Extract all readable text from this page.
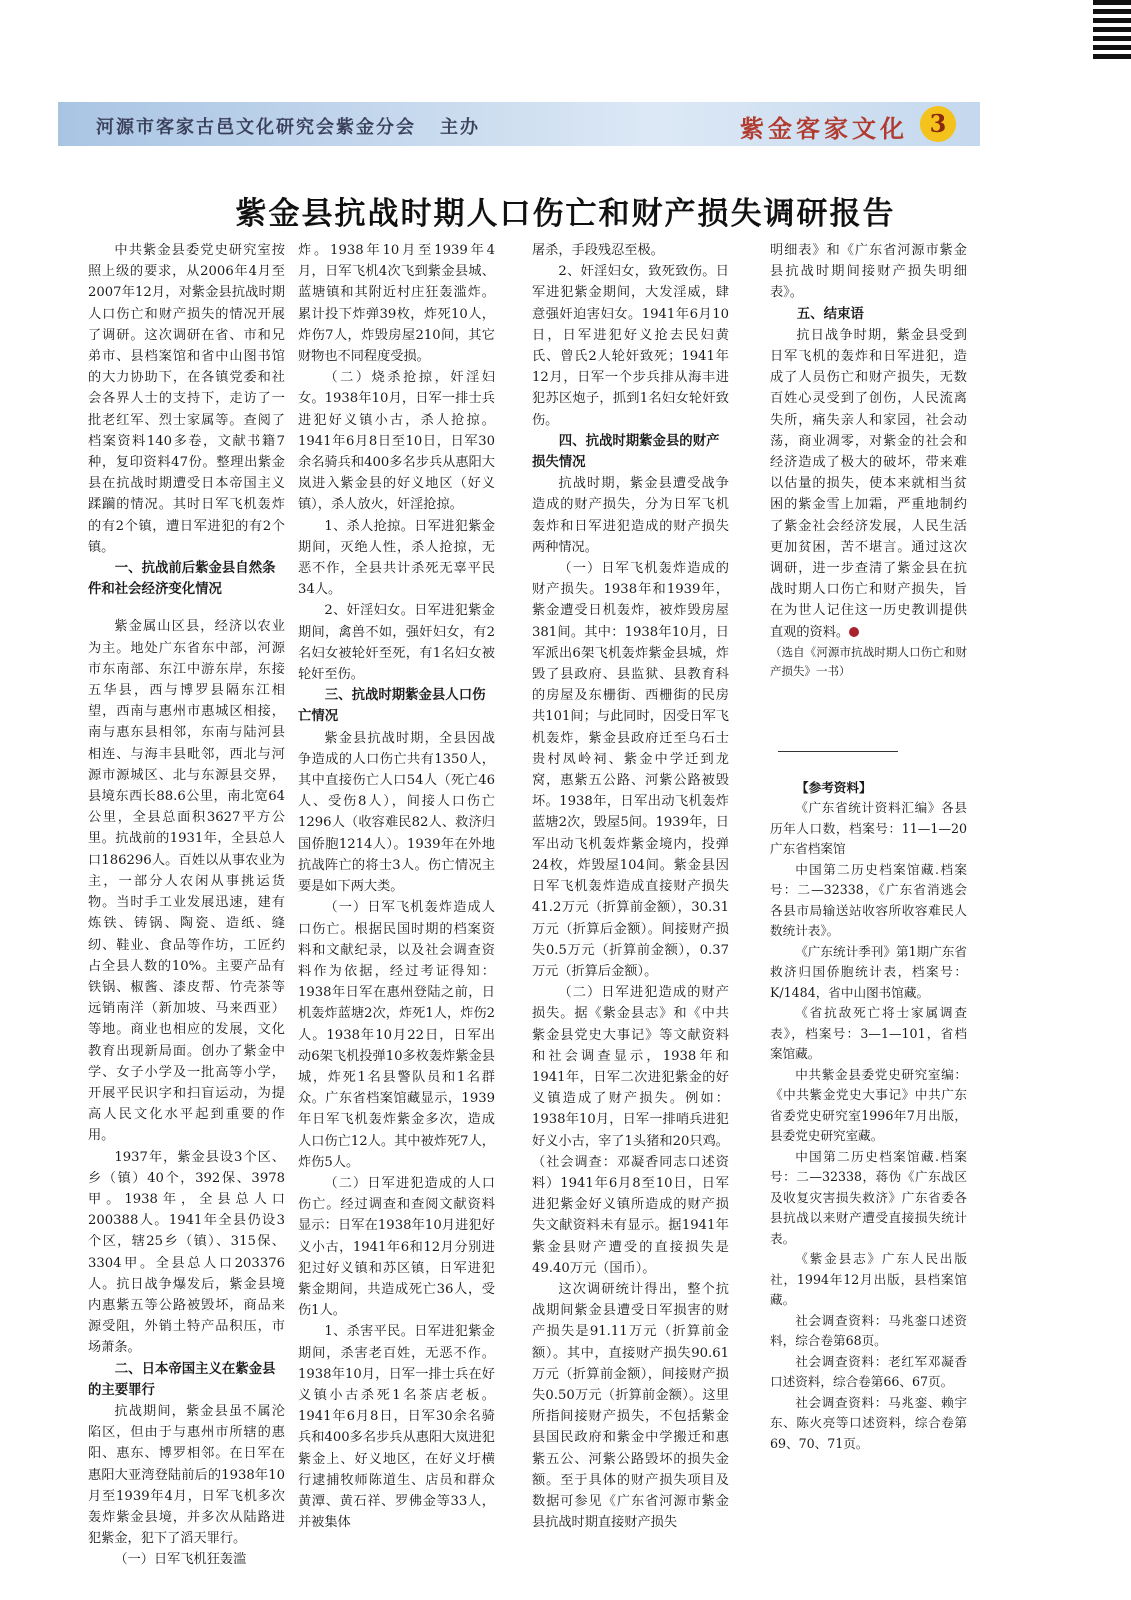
河源市客家古邑文化研究会紫金分会 主办	紫金客家文化 3
紫金县抗战时期人口伤亡和财产损失调研报告

中共紫金县委党史研究室按照上级的要求，从2006年4月至2007年12月，对紫金县抗战时期人口伤亡和财产损失的情况开展了调研。这次调研在省、市和兄弟市、县档案馆和省中山图书馆的大力协助下，在各镇党委和社会各界人士的支持下，走访了一批老红军、烈士家属等。查阅了档案资料140多卷，文献书籍7种，复印资料47份。整理出紫金县在抗战时期遭受日本帝国主义蹂躏的情况。其时日军飞机轰炸的有2个镇，遭日军进犯的有2个镇。

一、抗战前后紫金县自然条件和社会经济变化情况

紫金属山区县，经济以农业为主。地处广东省东中部，河源市东南部、东江中游东岸，东接五华县，西与博罗县隔东江相望，西南与惠州市惠城区相接，南与惠东县相邻，东南与陆河县相连、与海丰县毗邻，西北与河源市源城区、北与东源县交界，县境东西长88.6公里，南北宽64公里，全县总面积3627平方公里。抗战前的1931年，全县总人口186296人。百姓以从事农业为主，一部分人农闲从事挑运货物。当时手工业发展迅速，建有炼铁、铸锅、陶瓷、造纸、缝纫、鞋业、食品等作坊，工匠约占全县人数的10%。主要产品有铁锅、椒酱、漆皮帮、竹壳茶等远销南洋（新加坡、马来西亚）等地。商业也相应的发展，文化教育出现新局面。创办了紫金中学、女子小学及一批高等小学，开展平民识字和扫盲运动，为提高人民文化水平起到重要的作用。

1937年，紫金县设3个区、乡（镇）40个，392保、3978甲。1938年，全县总人口200388人。1941年全县仍设3个区，辖25乡（镇）、315保、3304甲。全县总人口203376人。抗日战争爆发后，紫金县境内惠紫五等公路被毁坏，商品来源受阻，外销土特产品积压，市场萧条。

二、日本帝国主义在紫金县的主要罪行

抗战期间，紫金县虽不属沦陷区，但由于与惠州市所辖的惠阳、惠东、博罗相邻。在日军在惠阳大亚湾登陆前后的1938年10月至1939年4月，日军飞机多次轰炸紫金县境，并多次从陆路进犯紫金，犯下了滔天罪行。

（一）日军飞机狂轰滥

炸。1938年10月至1939年4月，日军飞机4次飞到紫金县城、蓝塘镇和其附近村庄狂轰滥炸。累计投下炸弹39枚，炸死10人，炸伤7人，炸毁房屋210间，其它财物也不同程度受损。

（二）烧杀抢掠，奸淫妇女。1938年10月，日军一排士兵进犯好义镇小古，杀人抢掠。1941年6月8日至10日，日军30余名骑兵和400多名步兵从惠阳大岚进入紫金县的好义地区（好义镇），杀人放火，奸淫抢掠。

1、杀人抢掠。日军进犯紫金期间，灭绝人性，杀人抢掠，无恶不作，全县共计杀死无辜平民34人。

2、奸淫妇女。日军进犯紫金期间，禽兽不如，强奸妇女，有2名妇女被轮奸至死，有1名妇女被轮奸至伤。

三、抗战时期紫金县人口伤亡情况

紫金县抗战时期，全县因战争造成的人口伤亡共有1350人，其中直接伤亡人口54人（死亡46人、受伤8人），间接人口伤亡1296人（收容难民82人、救济归国侨胞1214人）。1939年在外地抗战阵亡的将士3人。伤亡情况主要是如下两大类。

（一）日军飞机轰炸造成人口伤亡。根据民国时期的档案资料和文献纪录，以及社会调查资料作为依据，经过考证得知：1938年日军在惠州登陆之前，日机轰炸蓝塘2次，炸死1人，炸伤2人。1938年10月22日，日军出动6架飞机投弹10多枚轰炸紫金县城，炸死1名县警队员和1名群众。广东省档案馆藏显示，1939年日军飞机轰炸紫金多次，造成人口伤亡12人。其中被炸死7人，炸伤5人。

（二）日军进犯造成的人口伤亡。经过调查和查阅文献资料显示：日军在1938年10月进犯好义小古，1941年6和12月分别进犯过好义镇和苏区镇，日军进犯紫金期间，共造成死亡36人，受伤1人。

1、杀害平民。日军进犯紫金期间，杀害老百姓，无恶不作。1938年10月，日军一排士兵在好义镇小古杀死1名茶店老板。1941年6月8日，日军30余名骑兵和400多名步兵从惠阳大岚进犯紫金上、好义地区，在好义圩横行逮捕牧师陈道生、店员和群众黄潭、黄石祥、罗佛金等33人，并被集体

屠杀，手段残忍至极。

2、奸淫妇女，致死致伤。日军进犯紫金期间，大发淫威，肆意强奸迫害妇女。1941年6月10日，日军进犯好义抢去民妇黄氏、曾氏2人轮奸致死；1941年12月，日军一个步兵排从海丰进犯苏区炮子，抓到1名妇女轮奸致伤。

四、抗战时期紫金县的财产损失情况

抗战时期，紫金县遭受战争造成的财产损失，分为日军飞机轰炸和日军进犯造成的财产损失两种情况。

（一）日军飞机轰炸造成的财产损失。1938年和1939年，紫金遭受日机轰炸，被炸毁房屋381间。其中：1938年10月，日军派出6架飞机轰炸紫金县城，炸毁了县政府、县监狱、县教育科的房屋及东栅街、西栅街的民房共101间；与此同时，因受日军飞机轰炸，紫金县政府迁至乌石士贵村凤岭祠、紫金中学迁到龙窝，惠紫五公路、河紫公路被毁坏。1938年，日军出动飞机轰炸蓝塘2次，毁屋5间。1939年，日军出动飞机轰炸紫金境内，投弹24枚，炸毁屋104间。紫金县因日军飞机轰炸造成直接财产损失41.2万元（折算前金额），30.31万元（折算后金额）。间接财产损失0.5万元（折算前金额），0.37万元（折算后金额）。

（二）日军进犯造成的财产损失。据《紫金县志》和《中共紫金县党史大事记》等文献资料和社会调查显示，1938年和1941年，日军二次进犯紫金的好义镇造成了财产损失。例如：1938年10月，日军一排哨兵进犯好义小古，宰了1头猪和20只鸡。（社会调查：邓凝香同志口述资料）1941年6月8至10日，日军进犯紫金好义镇所造成的财产损失文献资料未有显示。据1941年紫金县财产遭受的直接损失是49.40万元（国币）。

这次调研统计得出，整个抗战期间紫金县遭受日军损害的财产损失是91.11万元（折算前金额）。其中，直接财产损失90.61万元（折算前金额），间接财产损失0.50万元（折算前金额）。这里所指间接财产损失，不包括紫金县国民政府和紫金中学搬迁和惠紫五公、河紫公路毁坏的损失金额。至于具体的财产损失项目及数据可参见《广东省河源市紫金县抗战时期直接财产损失

明细表》和《广东省河源市紫金县抗战时期间接财产损失明细表》。

五、结束语

抗日战争时期，紫金县受到日军飞机的轰炸和日军进犯，造成了人员伤亡和财产损失，无数百姓心灵受到了创伤，人民流离失所，痛失亲人和家园，社会动荡，商业凋零，对紫金的社会和经济造成了极大的破坏，带来难以估量的损失，使本来就相当贫困的紫金雪上加霜，严重地制约了紫金社会经济发展，人民生活更加贫困，苦不堪言。通过这次调研，进一步查清了紫金县在抗战时期人口伤亡和财产损失，旨在为世人记住这一历史教训提供直观的资料。

（选自《河源市抗战时期人口伤亡和财产损失》一书）

【参考资料】

《广东省统计资料汇编》各县历年人口数，档案号：11—1—20广东省档案馆

中国第二历史档案馆藏.档案号：二—32338，《广东省消逃会各县市局输送站收容所收容难民人数统计表》。

《广东统计季刊》第1期广东省救济归国侨胞统计表，档案号：K/1484，省中山图书馆藏。

《省抗敌死亡将士家属调查表》，档案号：3—1—101，省档案馆藏。

中共紫金县委党史研究室编：《中共紫金党史大事记》中共广东省委党史研究室1996年7月出版，县委党史研究室藏。

中国第二历史档案馆藏.档案号：二—32338，蒋伪《广东战区及收复灾害损失救济》广东省委各县抗战以来财产遭受直接损失统计表。

《紫金县志》广东人民出版社，1994年12月出版，县档案馆藏。

社会调查资料：马兆銮口述资料，综合卷第68页。

社会调查资料：老红军邓凝香口述资料，综合卷第66、67页。

社会调查资料：马兆銮、赖宇东、陈火亮等口述资料，综合卷第69、70、71页。
